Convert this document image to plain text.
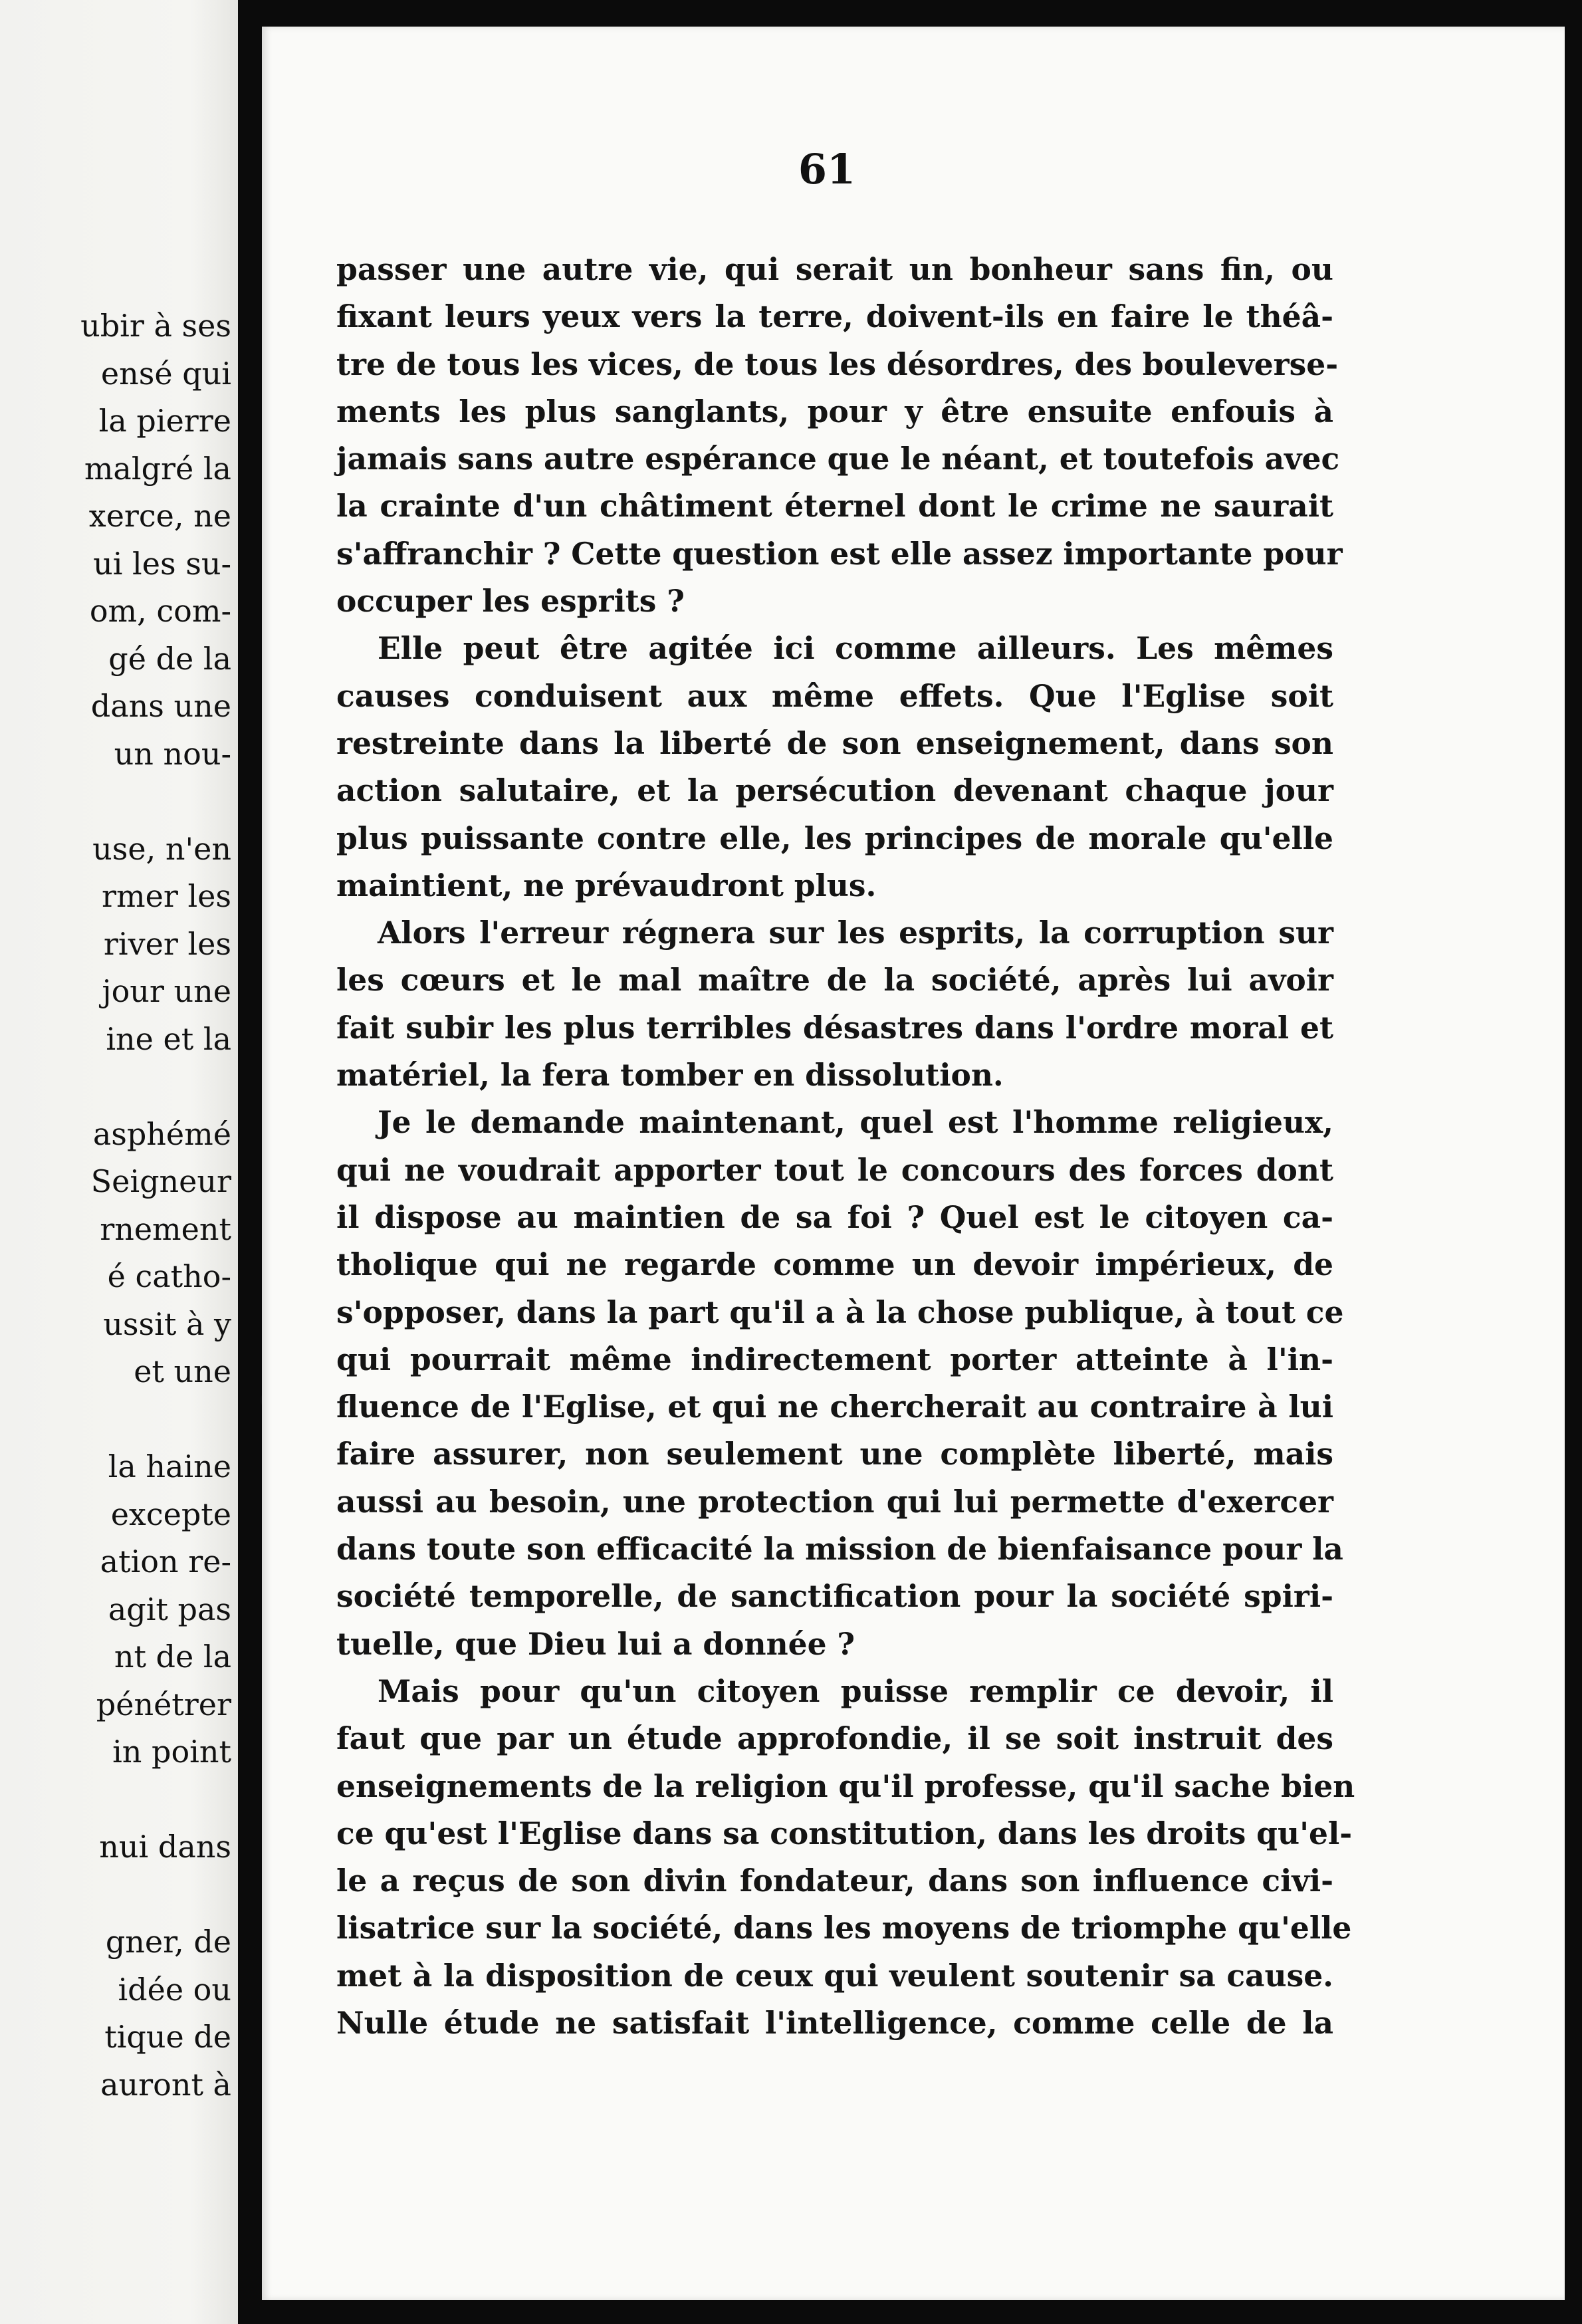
ubir à ses
ensé qui
la pierre
malgré la
xerce, ne
ui les su-
om, com-
gé de la
dans une
un nou-
use, n'en
rmer les
river les
jour une
ine et la
asphémé
Seigneur
rnement
é catho-
ussit à y
et une
la haine
excepte
ation re-
agit pas
nt de la
pénétrer
in point
nui dans
gner, de
idée ou
tique de
auront à
61
passer une autre vie, qui serait un bonheur sans fin, ou
fixant leurs yeux vers la terre, doivent-ils en faire le théâ-
tre de tous les vices, de tous les désordres, des bouleverse-
ments les plus sanglants, pour y être ensuite enfouis à
jamais sans autre espérance que le néant, et toutefois avec
la crainte d'un châtiment éternel dont le crime ne saurait
s'affranchir ? Cette question est elle assez importante pour
occuper les esprits ?
Elle peut être agitée ici comme ailleurs. Les mêmes
causes conduisent aux même effets. Que l'Eglise soit
restreinte dans la liberté de son enseignement, dans son
action salutaire, et la persécution devenant chaque jour
plus puissante contre elle, les principes de morale qu'elle
maintient, ne prévaudront plus.
Alors l'erreur régnera sur les esprits, la corruption sur
les cœurs et le mal maître de la société, après lui avoir
fait subir les plus terribles désastres dans l'ordre moral et
matériel, la fera tomber en dissolution.
Je le demande maintenant, quel est l'homme religieux,
qui ne voudrait apporter tout le concours des forces dont
il dispose au maintien de sa foi ? Quel est le citoyen ca-
tholique qui ne regarde comme un devoir impérieux, de
s'opposer, dans la part qu'il a à la chose publique, à tout ce
qui pourrait même indirectement porter atteinte à l'in-
fluence de l'Eglise, et qui ne chercherait au contraire à lui
faire assurer, non seulement une complète liberté, mais
aussi au besoin, une protection qui lui permette d'exercer
dans toute son efficacité la mission de bienfaisance pour la
société temporelle, de sanctification pour la société spiri-
tuelle, que Dieu lui a donnée ?
Mais pour qu'un citoyen puisse remplir ce devoir, il
faut que par un étude approfondie, il se soit instruit des
enseignements de la religion qu'il professe, qu'il sache bien
ce qu'est l'Eglise dans sa constitution, dans les droits qu'el-
le a reçus de son divin fondateur, dans son influence civi-
lisatrice sur la société, dans les moyens de triomphe qu'elle
met à la disposition de ceux qui veulent soutenir sa cause.
Nulle étude ne satisfait l'intelligence, comme celle de la
